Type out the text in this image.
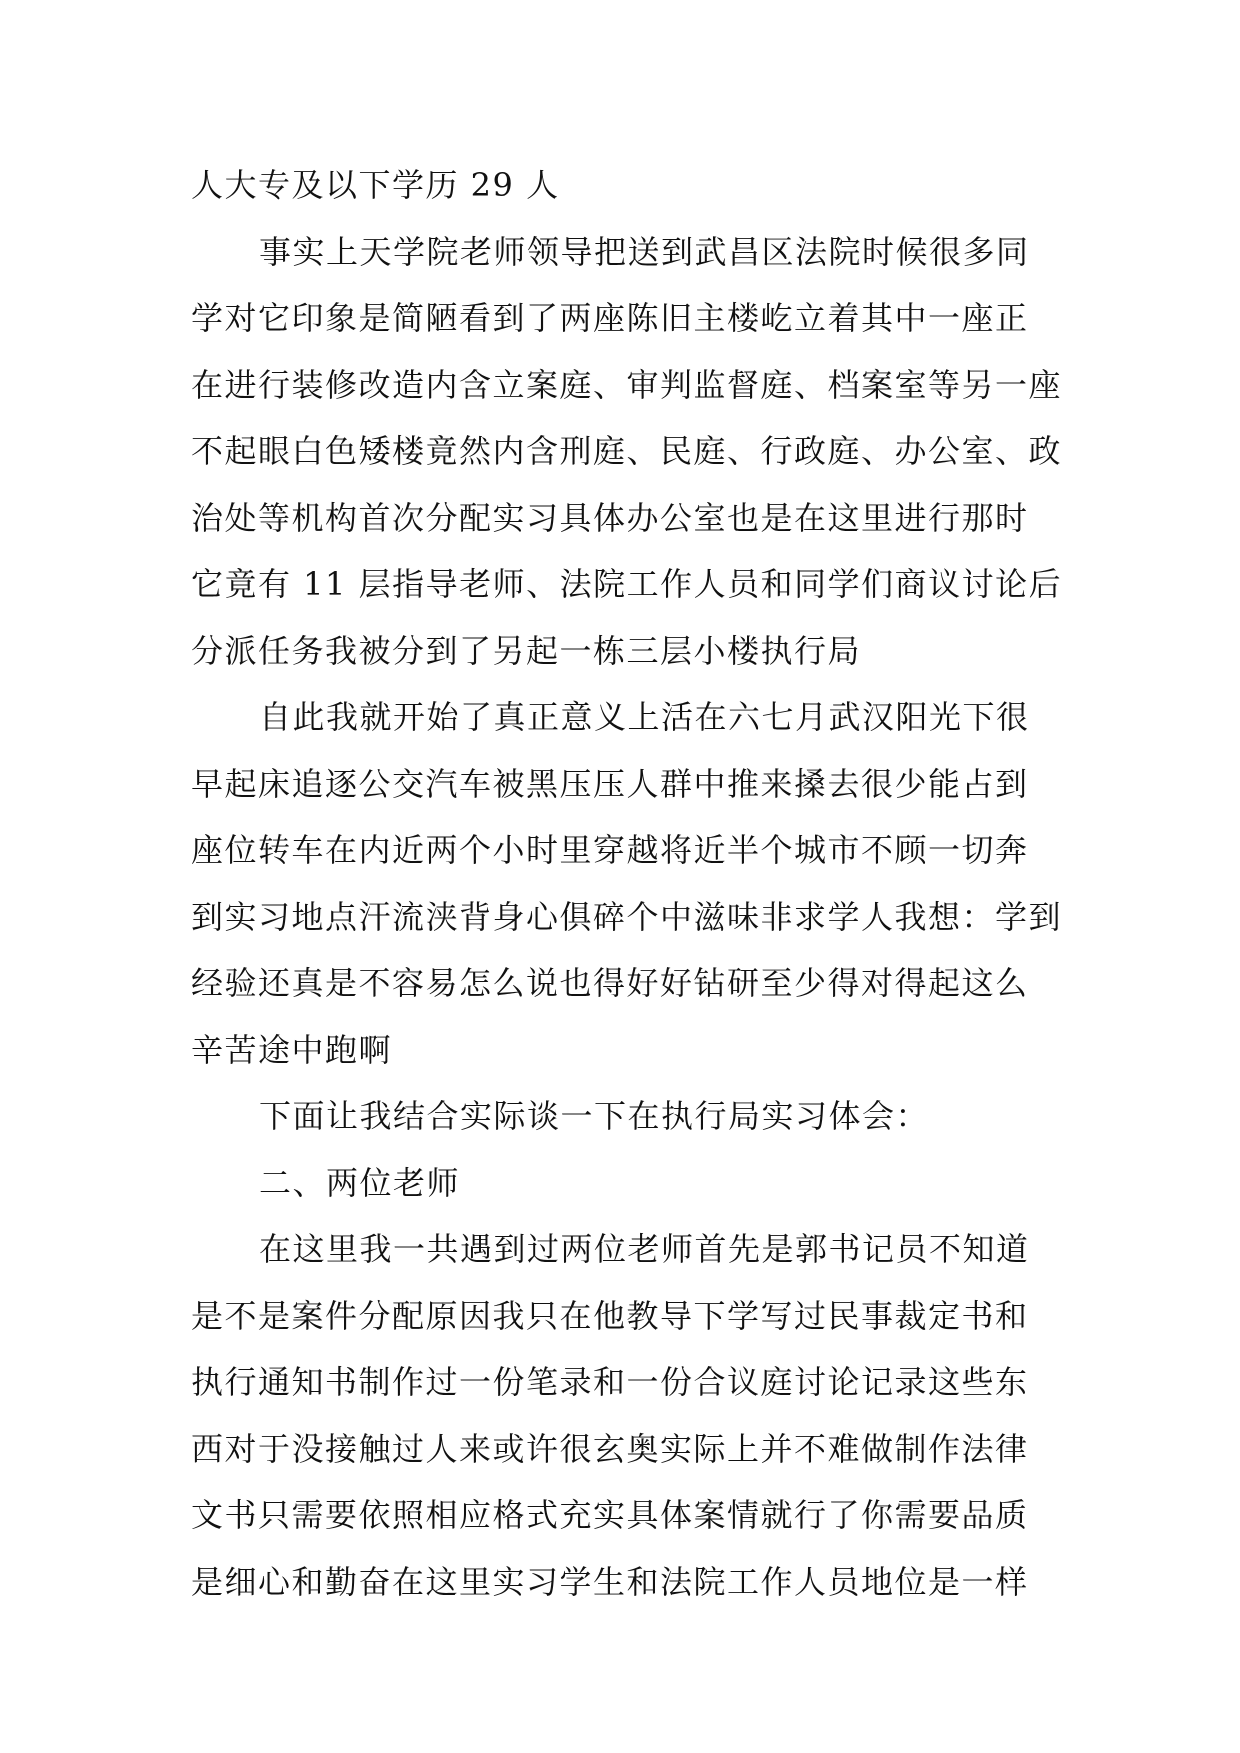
人大专及以下学历 29 人
事实上天学院老师领导把送到武昌区法院时候很多同
学对它印象是简陋看到了两座陈旧主楼屹立着其中一座正
在进行装修改造内含立案庭、审判监督庭、档案室等另一座
不起眼白色矮楼竟然内含刑庭、民庭、行政庭、办公室、政
治处等机构首次分配实习具体办公室也是在这里进行那时
它竟有 11 层指导老师、法院工作人员和同学们商议讨论后
分派任务我被分到了另起一栋三层小楼执行局
自此我就开始了真正意义上活在六七月武汉阳光下很
早起床追逐公交汽车被黑压压人群中推来搡去很少能占到
座位转车在内近两个小时里穿越将近半个城市不顾一切奔
到实习地点汗流浃背身心俱碎个中滋味非求学人我想：学到
经验还真是不容易怎么说也得好好钻研至少得对得起这么
辛苦途中跑啊
下面让我结合实际谈一下在执行局实习体会：
二、两位老师
在这里我一共遇到过两位老师首先是郭书记员不知道
是不是案件分配原因我只在他教导下学写过民事裁定书和
执行通知书制作过一份笔录和一份合议庭讨论记录这些东
西对于没接触过人来或许很玄奥实际上并不难做制作法律
文书只需要依照相应格式充实具体案情就行了你需要品质
是细心和勤奋在这里实习学生和法院工作人员地位是一样
